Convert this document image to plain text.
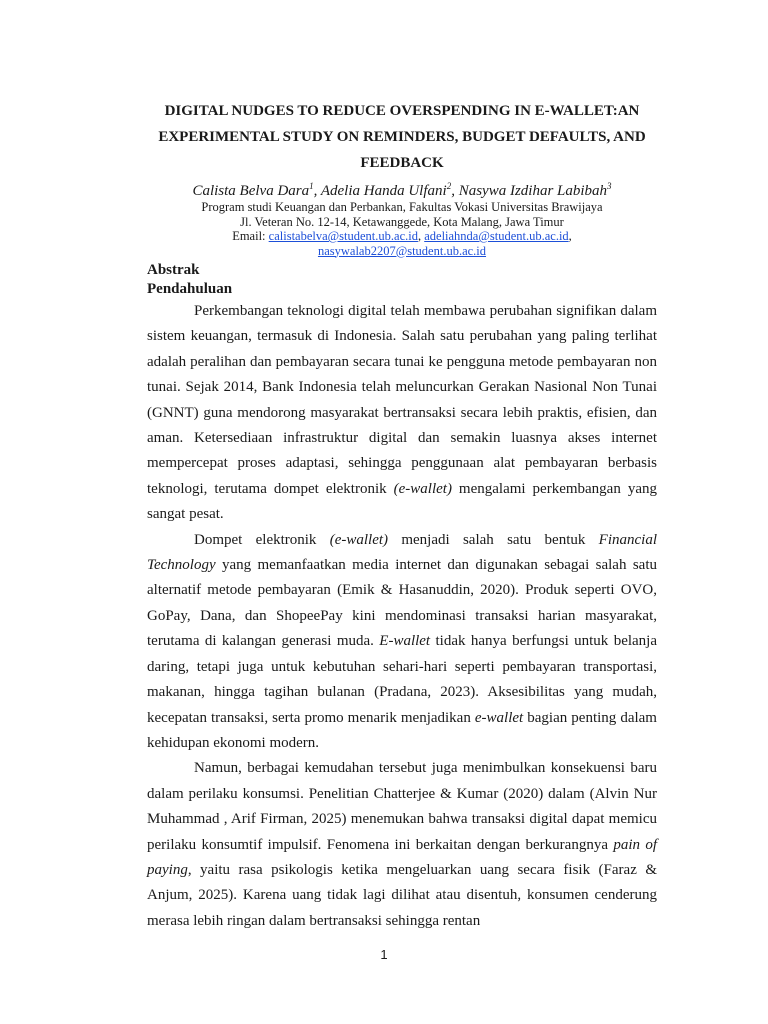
DIGITAL NUDGES TO REDUCE OVERSPENDING IN E-WALLET:AN
EXPERIMENTAL STUDY ON REMINDERS, BUDGET DEFAULTS, AND
FEEDBACK
Calista Belva Dara$^1$, Adelia Handa Ulfani$^2$, Nasywa Izdihar Labibah$^3$
Program studi Keuangan dan Perbankan, Fakultas Vokasi Universitas Brawijaya
Jl. Veteran No. 12-14, Ketawanggede, Kota Malang, Jawa Timur
Email: calistabelva@student.ub.ac.id, adeliahnda@student.ub.ac.id,
nasywalab2207@student.ub.ac.id
Abstrak
Pendahuluan

Perkembangan teknologi digital telah membawa perubahan signifikan dalam sistem keuangan, termasuk di Indonesia. Salah satu perubahan yang paling terlihat adalah peralihan dan pembayaran secara tunai ke pengguna metode pembayaran non tunai. Sejak 2014, Bank Indonesia telah meluncurkan Gerakan Nasional Non Tunai (GNNT) guna mendorong masyarakat bertransaksi secara lebih praktis, efisien, dan aman. Ketersediaan infrastruktur digital dan semakin luasnya akses internet mempercepat proses adaptasi, sehingga penggunaan alat pembayaran berbasis teknologi, terutama dompet elektronik (e-wallet) mengalami perkembangan yang sangat pesat.

Dompet elektronik (e-wallet) menjadi salah satu bentuk Financial Technology yang memanfaatkan media internet dan digunakan sebagai salah satu alternatif metode pembayaran (Emik & Hasanuddin, 2020). Produk seperti OVO, GoPay, Dana, dan ShopeePay kini mendominasi transaksi harian masyarakat, terutama di kalangan generasi muda. E-wallet tidak hanya berfungsi untuk belanja daring, tetapi juga untuk kebutuhan sehari-hari seperti pembayaran transportasi, makanan, hingga tagihan bulanan (Pradana, 2023). Aksesibilitas yang mudah, kecepatan transaksi, serta promo menarik menjadikan e-wallet bagian penting dalam kehidupan ekonomi modern.

Namun, berbagai kemudahan tersebut juga menimbulkan konsekuensi baru dalam perilaku konsumsi. Penelitian Chatterjee & Kumar (2020) dalam (Alvin Nur Muhammad , Arif Firman, 2025) menemukan bahwa transaksi digital dapat memicu perilaku konsumtif impulsif. Fenomena ini berkaitan dengan berkurangnya pain of paying, yaitu rasa psikologis ketika mengeluarkan uang secara fisik (Faraz & Anjum, 2025). Karena uang tidak lagi dilihat atau disentuh, konsumen cenderung merasa lebih ringan dalam bertransaksi sehingga rentan

1
